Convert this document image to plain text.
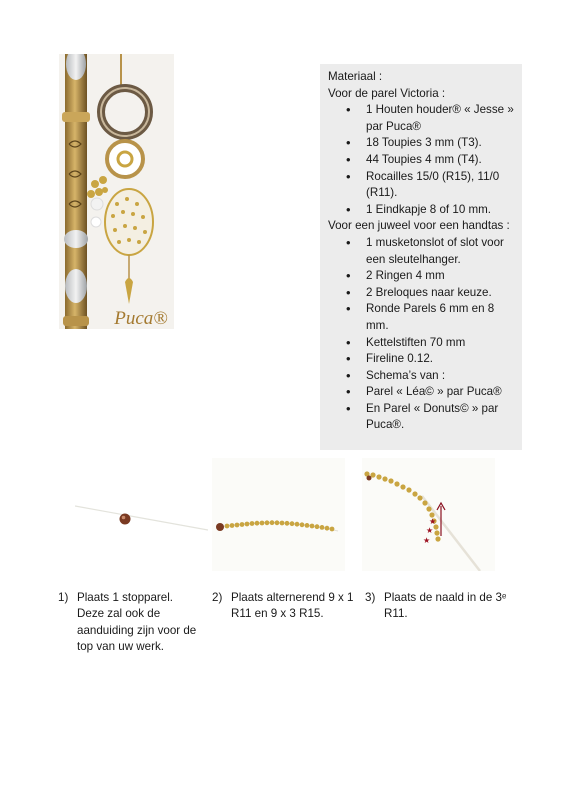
Puca®

Materiaal :

Voor de parel Victoria :

• 1 Houten houder® « Jesse » par Puca®
• 18 Toupies 3 mm (T3).
• 44 Toupies 4 mm (T4).
• Rocailles 15/0 (R15), 11/0 (R11).
• 1 Eindkapje 8 of 10 mm.

Voor een juweel voor een handtas :

• 1 musketonslot of slot voor een sleutelhanger.
• 2 Ringen 4 mm
• 2 Breloques naar keuze.
• Ronde Parels 6 mm en 8 mm.
• Kettelstiften 70 mm
• Fireline 0.12.
• Schema’s van :
• Parel « Léa© » par Puca®
• En Parel « Donuts© » par Puca®.
★
★
★
1) Plaats 1 stopparel. Deze zal ook de aanduiding zijn voor de top van uw werk.
2) Plaats alternerend 9 x 1 R11 en 9 x 3 R15.
3) Plaats de naald in de 3ᵉ R11.
